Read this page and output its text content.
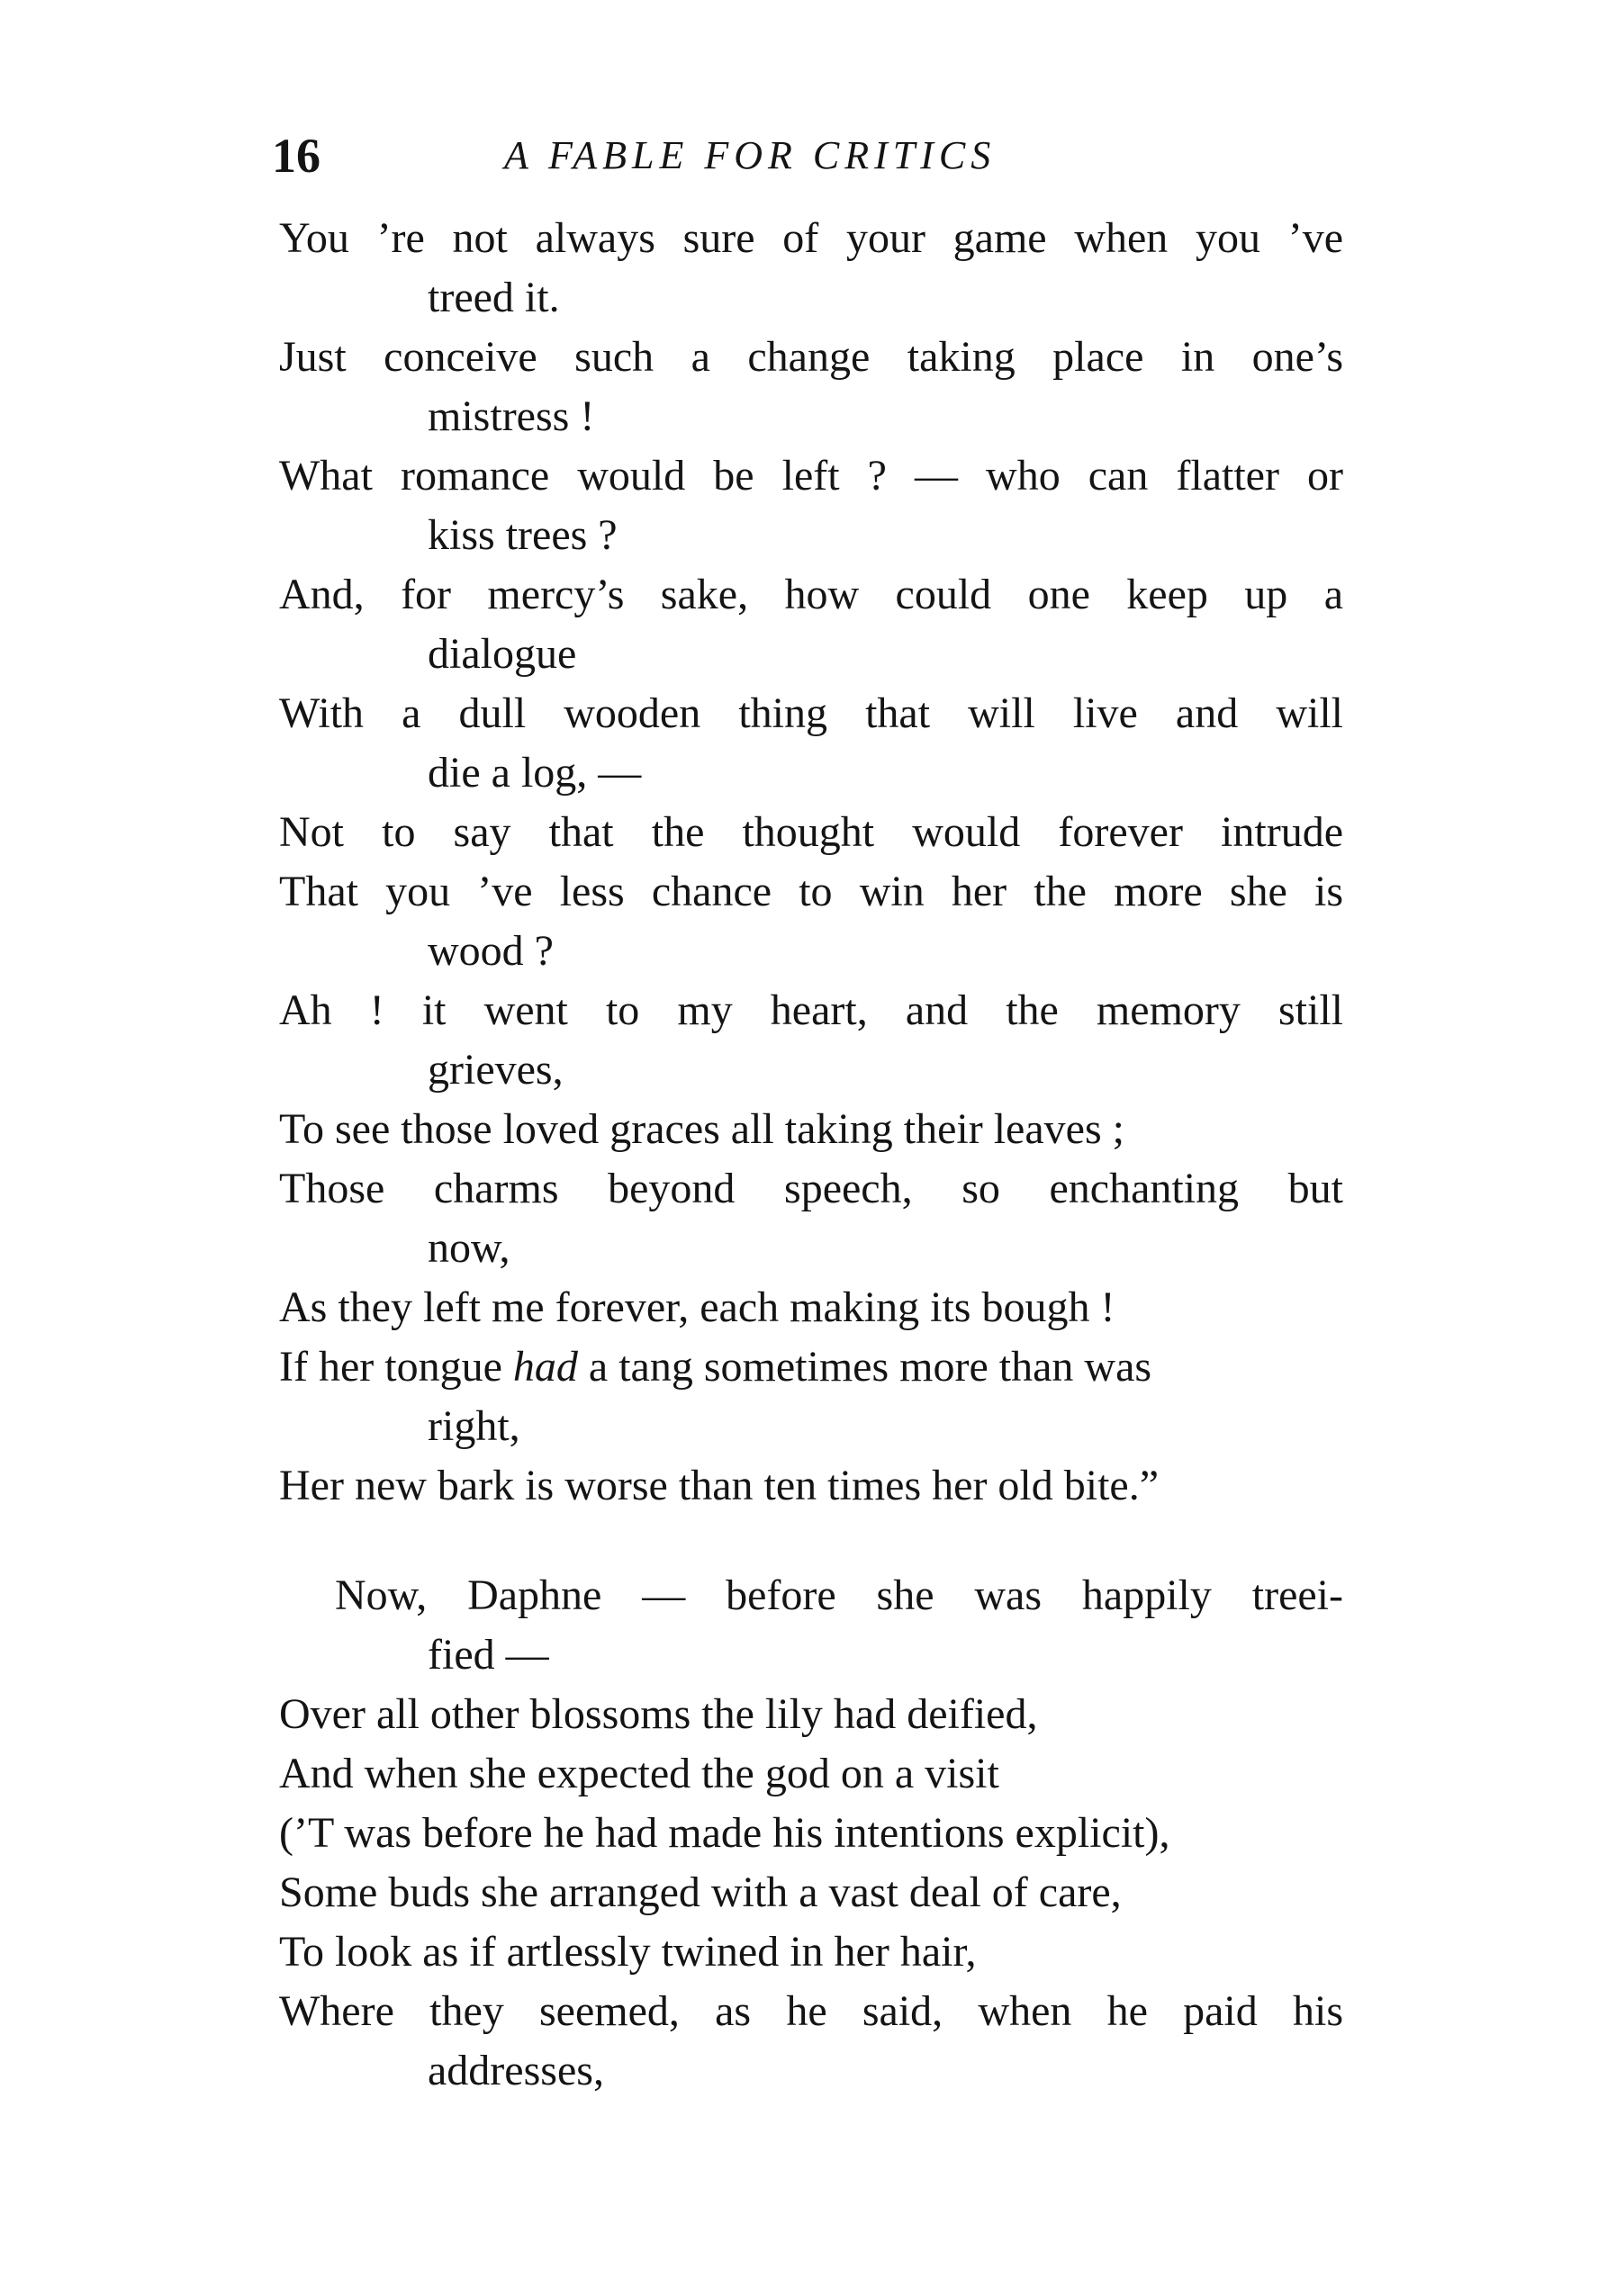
16	A FABLE FOR CRITICS
You ’re not always sure of your game when you ’ve
treed it.
Just conceive such a change taking place in one’s
mistress !
What romance would be left ? — who can flatter or
kiss trees ?
And, for mercy’s sake, how could one keep up a
dialogue
With a dull wooden thing that will live and will
die a log, —
Not to say that the thought would forever intrude
That you ’ve less chance to win her the more she is
wood ?
Ah ! it went to my heart, and the memory still
grieves,
To see those loved graces all taking their leaves ;
Those charms beyond speech, so enchanting but
now,
As they left me forever, each making its bough !
If her tongue had a tang sometimes more than was
right,
Her new bark is worse than ten times her old bite.”
Now, Daphne — before she was happily treei-
fied —
Over all other blossoms the lily had deified,
And when she expected the god on a visit
(’T was before he had made his intentions explicit),
Some buds she arranged with a vast deal of care,
To look as if artlessly twined in her hair,
Where they seemed, as he said, when he paid his
addresses,
